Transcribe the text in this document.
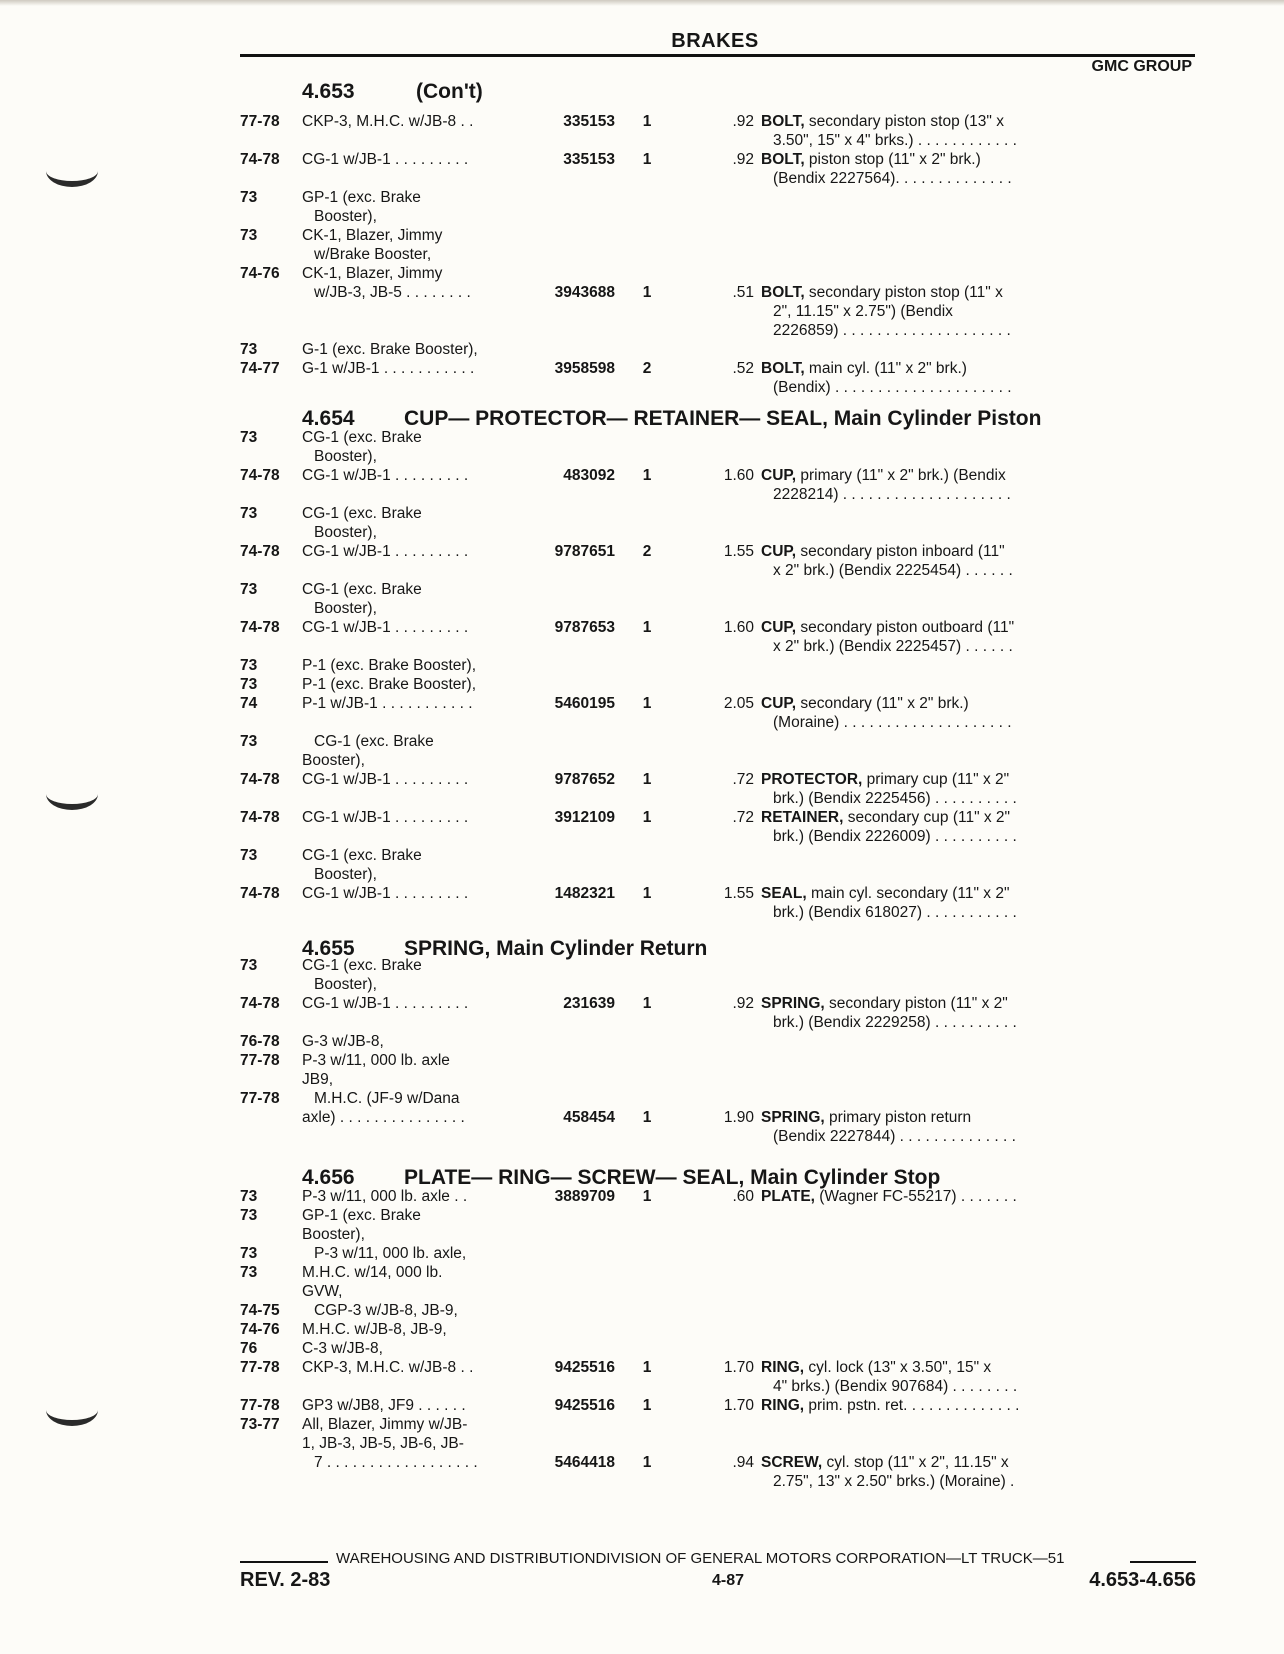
BRAKES
GMC GROUP
4.653	(Con't)
4.654 CUP— PROTECTOR— RETAINER— SEAL, Main Cylinder Piston
4.655 SPRING, Main Cylinder Return
4.656 PLATE— RING— SCREW— SEAL, Main Cylinder Stop
77-78	CKP-3, M.H.C. w/JB-8 . .	335153 1	.92 BOLT, secondary piston stop (13" x
3.50", 15" x 4" brks.) . . . . . . . . . . . .
74-78	CG-1 w/JB-1 . . . . . . . . .	335153 1	.92 BOLT, piston stop (11" x 2" brk.)
(Bendix 2227564). . . . . . . . . . . . . .
73	GP-1 (exc. Brake
Booster),
73	CK-1, Blazer, Jimmy
w/Brake Booster,
74-76	CK-1, Blazer, Jimmy
w/JB-3, JB-5 . . . . . . . .	3943688 1	.51 BOLT, secondary piston stop (11" x
2", 11.15" x 2.75") (Bendix
2226859) . . . . . . . . . . . . . . . . . . . .
73	G-1 (exc. Brake Booster),
74-77	G-1 w/JB-1 . . . . . . . . . . .	3958598 2	.52 BOLT, main cyl. (11" x 2" brk.)
(Bendix) . . . . . . . . . . . . . . . . . . . . .
73	CG-1 (exc. Brake
Booster),
74-78	CG-1 w/JB-1 . . . . . . . . .	483092 1	1.60 CUP, primary (11" x 2" brk.) (Bendix
2228214) . . . . . . . . . . . . . . . . . . . .
73	CG-1 (exc. Brake
Booster),
74-78	CG-1 w/JB-1 . . . . . . . . .	9787651 2	1.55 CUP, secondary piston inboard (11"
x 2" brk.) (Bendix 2225454) . . . . . .
73	CG-1 (exc. Brake
Booster),
74-78	CG-1 w/JB-1 . . . . . . . . .	9787653 1	1.60 CUP, secondary piston outboard (11"
x 2" brk.) (Bendix 2225457) . . . . . .
73	P-1 (exc. Brake Booster),
73	P-1 (exc. Brake Booster),
74	P-1 w/JB-1 . . . . . . . . . . .	5460195 1	2.05 CUP, secondary (11" x 2" brk.)
(Moraine) . . . . . . . . . . . . . . . . . . . .
73	CG-1 (exc. Brake
Booster),
74-78	CG-1 w/JB-1 . . . . . . . . .	9787652 1	.72 PROTECTOR, primary cup (11" x 2"
brk.) (Bendix 2225456) . . . . . . . . . .
74-78	CG-1 w/JB-1 . . . . . . . . .	3912109 1	.72 RETAINER, secondary cup (11" x 2"
brk.) (Bendix 2226009) . . . . . . . . . .
73	CG-1 (exc. Brake
Booster),
74-78	CG-1 w/JB-1 . . . . . . . . .	1482321 1	1.55 SEAL, main cyl. secondary (11" x 2"
brk.) (Bendix 618027) . . . . . . . . . . .
73	CG-1 (exc. Brake
Booster),
74-78	CG-1 w/JB-1 . . . . . . . . .	231639 1	.92 SPRING, secondary piston (11" x 2"
brk.) (Bendix 2229258) . . . . . . . . . .
76-78	G-3 w/JB-8,
77-78	P-3 w/11, 000 lb. axle
JB9,
77-78	M.H.C. (JF-9 w/Dana
axle) . . . . . . . . . . . . . . .	458454 1	1.90 SPRING, primary piston return
(Bendix 2227844) . . . . . . . . . . . . . .
73	P-3 w/11, 000 lb. axle . .	3889709 1	.60 PLATE, (Wagner FC-55217) . . . . . . .
73	GP-1 (exc. Brake
Booster),
73	P-3 w/11, 000 lb. axle,
73	M.H.C. w/14, 000 lb.
GVW,
74-75	CGP-3 w/JB-8, JB-9,
74-76	M.H.C. w/JB-8, JB-9,
76	C-3 w/JB-8,
77-78	CKP-3, M.H.C. w/JB-8 . .	9425516 1	1.70 RING, cyl. lock (13" x 3.50", 15" x
4" brks.) (Bendix 907684) . . . . . . . .
77-78	GP3 w/JB8, JF9 . . . . . .	9425516 1	1.70 RING, prim. pstn. ret. . . . . . . . . . . . . .
73-77	All, Blazer, Jimmy w/JB-
1, JB-3, JB-5, JB-6, JB-
7 . . . . . . . . . . . . . . . . . .	5464418 1	.94 SCREW, cyl. stop (11" x 2", 11.15" x
2.75", 13" x 2.50" brks.) (Moraine) .
WAREHOUSING AND DISTRIBUTIONDIVISION OF GENERAL MOTORS CORPORATION—LT TRUCK—51
REV. 2-83	4-87	4.653-4.656
